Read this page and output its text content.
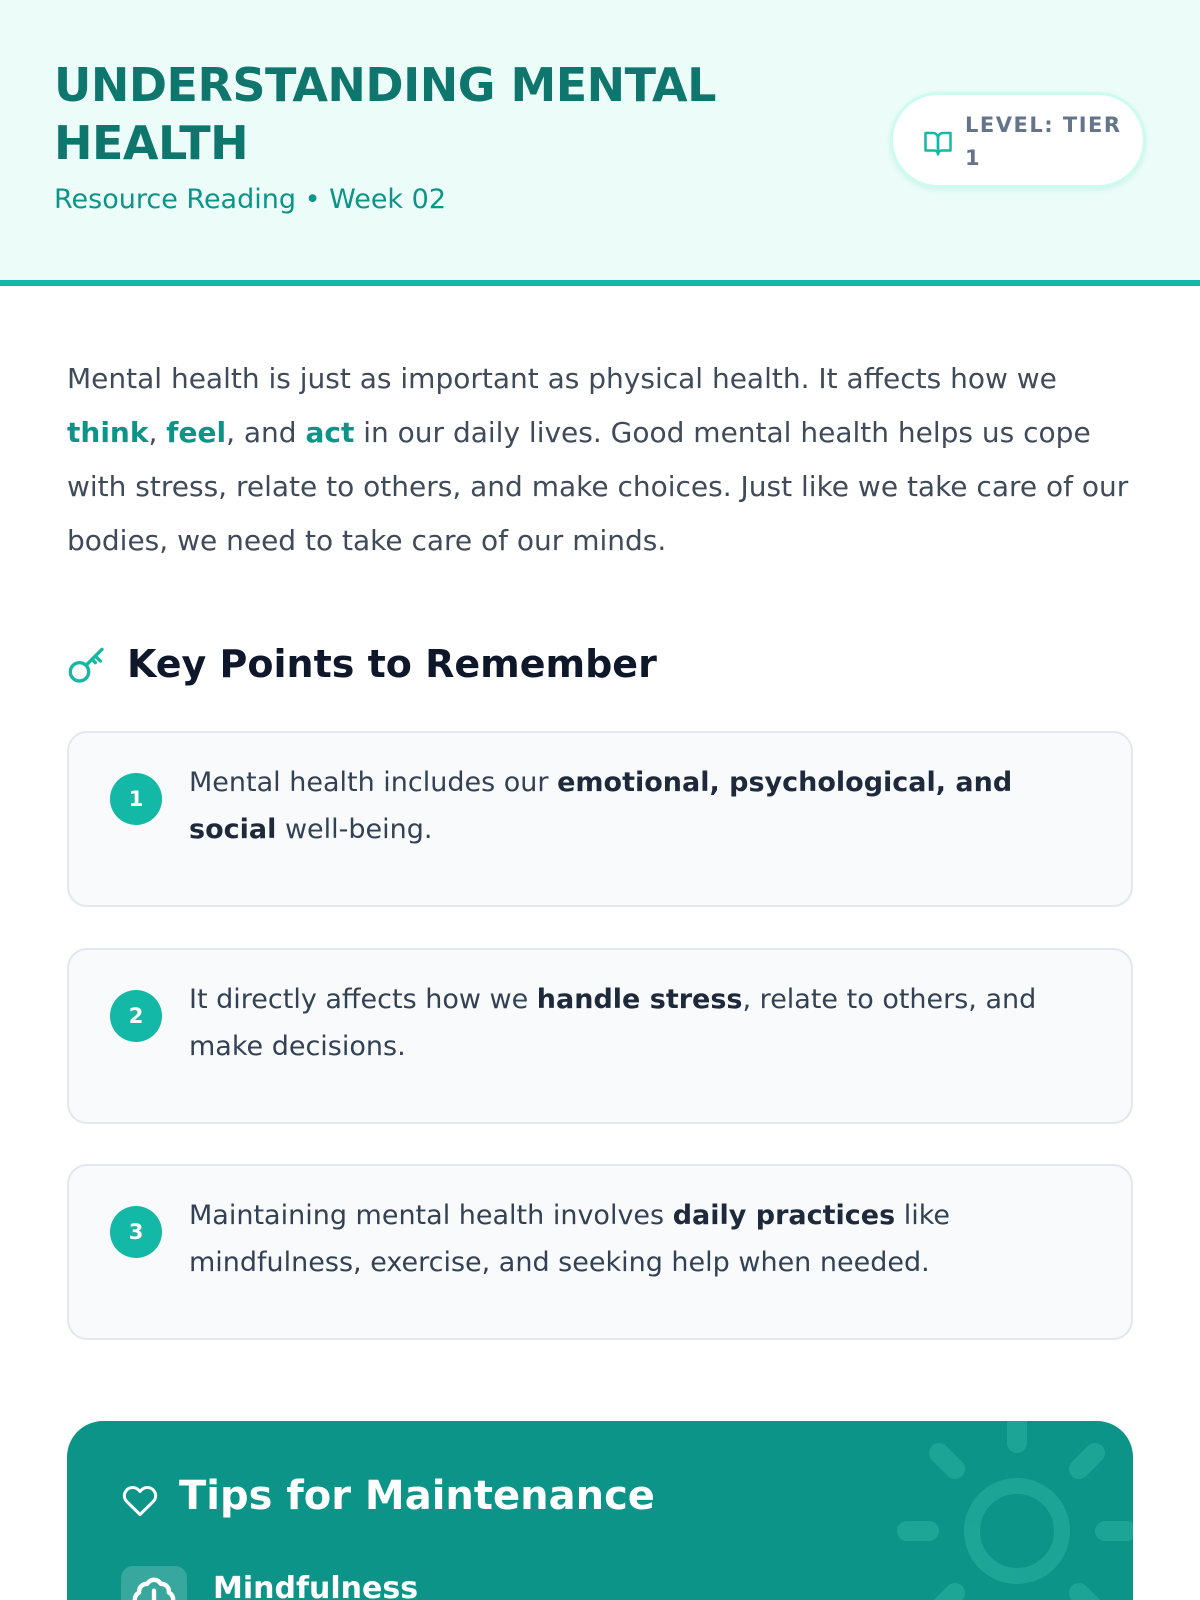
UNDERSTANDING MENTAL HEALTH
Resource Reading • Week 02
LEVEL: TIER 1

Mental health is just as important as physical health. It affects how we think, feel, and act in our daily lives. Good mental health helps us cope with stress, relate to others, and make choices. Just like we take care of our bodies, we need to take care of our minds.

Key Points to Remember
1

Mental health includes our emotional, psychological, and social well-being.

2

It directly affects how we handle stress, relate to others, and make decisions.

3

Maintaining mental health involves daily practices like mindfulness, exercise, and seeking help when needed.

Tips for Maintenance
Mindfulness
